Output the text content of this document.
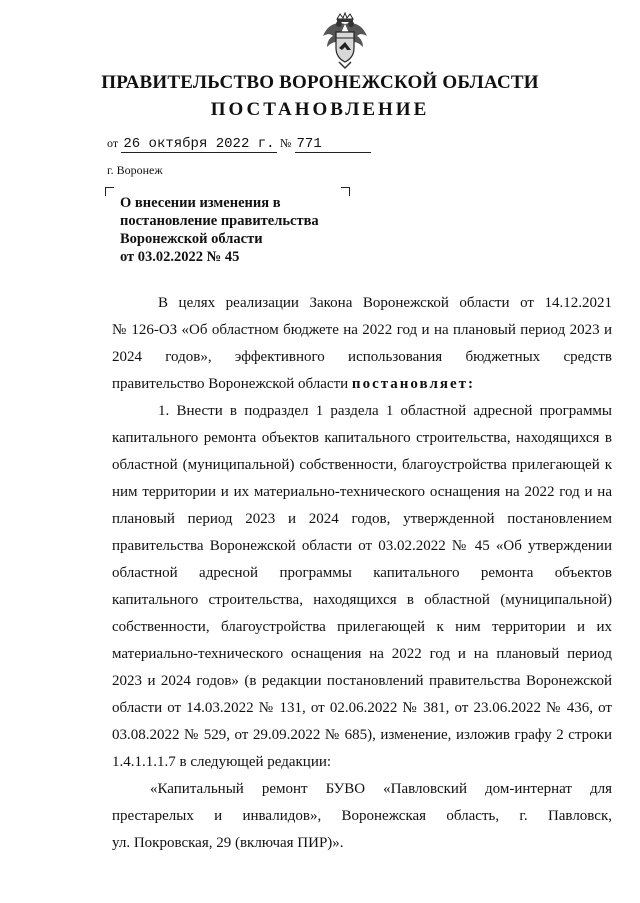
ПРАВИТЕЛЬСТВО ВОРОНЕЖСКОЙ ОБЛАСТИ
ПОСТАНОВЛЕНИЕ
от 26 октября 2022 г. № 771
г. Воронеж
О внесении изменения в
постановление правительства
Воронежской области
от 03.02.2022 № 45
В целях реализации Закона Воронежской области от 14.12.2021
№ 126-ОЗ «Об областном бюджете на 2022 год и на плановый период 2023 и
2024 годов», эффективного использования бюджетных средств
правительство Воронежской области постановляет:
1. Внести в подраздел 1 раздела 1 областной адресной программы
капитального ремонта объектов капитального строительства, находящихся в
областной (муниципальной) собственности, благоустройства прилегающей к
ним территории и их материально-технического оснащения на 2022 год и на
плановый период 2023 и 2024 годов, утвержденной постановлением
правительства Воронежской области от 03.02.2022 № 45 «Об утверждении
областной адресной программы капитального ремонта объектов
капитального строительства, находящихся в областной (муниципальной)
собственности, благоустройства прилегающей к ним территории и их
материально-технического оснащения на 2022 год и на плановый период
2023 и 2024 годов» (в редакции постановлений правительства Воронежской
области от 14.03.2022 № 131, от 02.06.2022 № 381, от 23.06.2022 № 436, от
03.08.2022 № 529, от 29.09.2022 № 685), изменение, изложив графу 2 строки
1.4.1.1.1.7 в следующей редакции:
«Капитальный ремонт БУВО «Павловский дом-интернат для
престарелых и инвалидов», Воронежская область, г. Павловск,
ул. Покровская, 29 (включая ПИР)».
